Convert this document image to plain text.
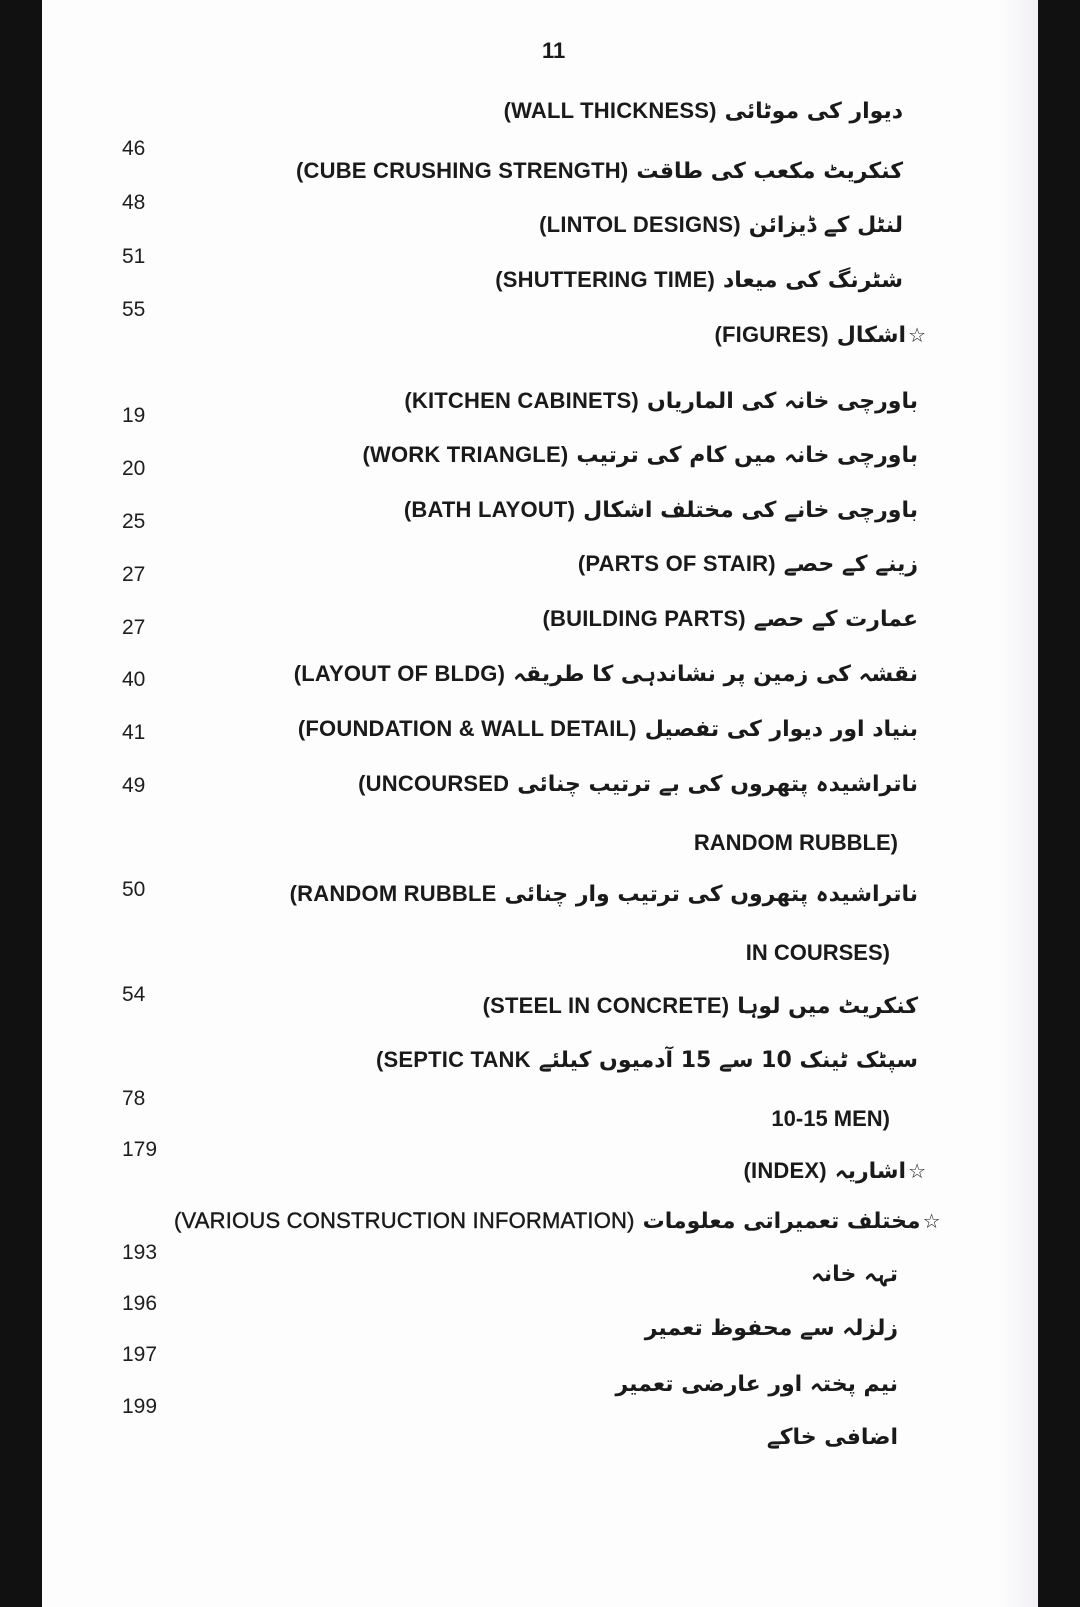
11
(WALL THICKNESS) دیوار کی موٹائی
46
(CUBE CRUSHING STRENGTH) کنکریٹ مکعب کی طاقت
48
(LINTOL DESIGNS) لنٹل کے ڈیزائن
51
(SHUTTERING TIME) شٹرنگ کی میعاد
55
(FIGURES) اشکال ☆
(KITCHEN CABINETS) باورچی خانہ کی الماریاں
19
(WORK TRIANGLE) باورچی خانہ میں کام کی ترتیب
20
(BATH LAYOUT) باورچی خانے کی مختلف اشکال
25
(PARTS OF STAIR) زینے کے حصے
27
(BUILDING PARTS) عمارت کے حصے
27
(LAYOUT OF BLDG) نقشہ کی زمین پر نشاندہی کا طریقہ
40
(FOUNDATION & WALL DETAIL) بنیاد اور دیوار کی تفصیل
41
(UNCOURSED ناتراشیدہ پتھروں کی بے ترتیب چنائی
49
RANDOM RUBBLE)
(RANDOM RUBBLE ناتراشیدہ پتھروں کی ترتیب وار چنائی
50
IN COURSES)
(STEEL IN CONCRETE) کنکریٹ میں لوہا
54
(SEPTIC TANK سپٹک ٹینک 10 سے 15 آدمیوں کیلئے
78
10-15 MEN)
179
(INDEX) اشاریہ ☆
(VARIOUS CONSTRUCTION INFORMATION) مختلف تعمیراتی معلومات ☆
193
تہہ خانہ
196
زلزلہ سے محفوظ تعمیر
197
نیم پختہ اور عارضی تعمیر
199
اضافی خاکے
